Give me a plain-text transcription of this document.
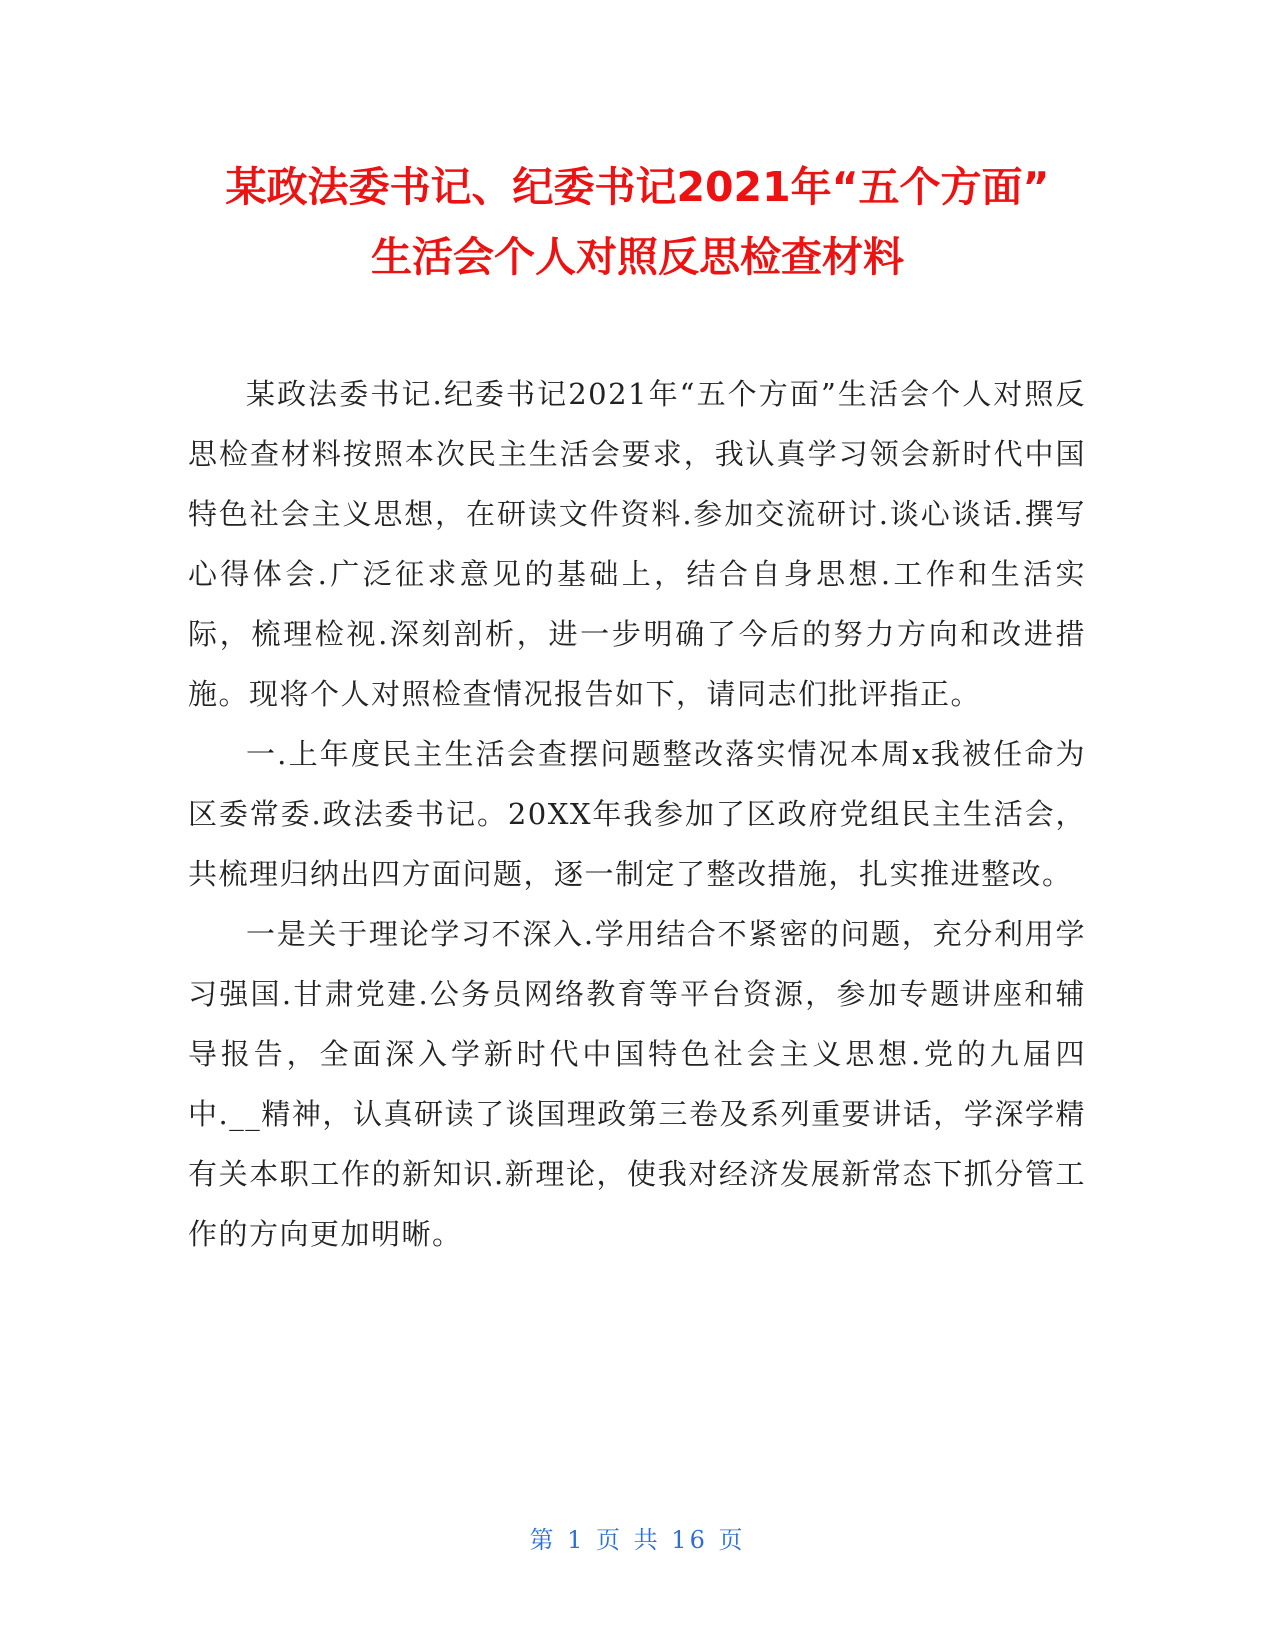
某政法委书记、纪委书记2021年“五个方面”
生活会个人对照反思检查材料

某政法委书记.纪委书记2021年“五个方面”生活会个人对照反思检查材料按照本次民主生活会要求，我认真学习领会新时代中国特色社会主义思想，在研读文件资料.参加交流研讨.谈心谈话.撰写心得体会.广泛征求意见的基础上，结合自身思想.工作和生活实际，梳理检视.深刻剖析，进一步明确了今后的努力方向和改进措施。现将个人对照检查情况报告如下，请同志们批评指正。

一.上年度民主生活会查摆问题整改落实情况本周x我被任命为区委常委.政法委书记。20XX年我参加了区政府党组民主生活会，共梳理归纳出四方面问题，逐一制定了整改措施，扎实推进整改。

一是关于理论学习不深入.学用结合不紧密的问题，充分利用学习强国.甘肃党建.公务员网络教育等平台资源，参加专题讲座和辅导报告，全面深入学新时代中国特色社会主义思想.党的九届四中.__精神，认真研读了谈国理政第三卷及系列重要讲话，学深学精有关本职工作的新知识.新理论，使我对经济发展新常态下抓分管工作的方向更加明晰。

第 1 页 共 16 页
